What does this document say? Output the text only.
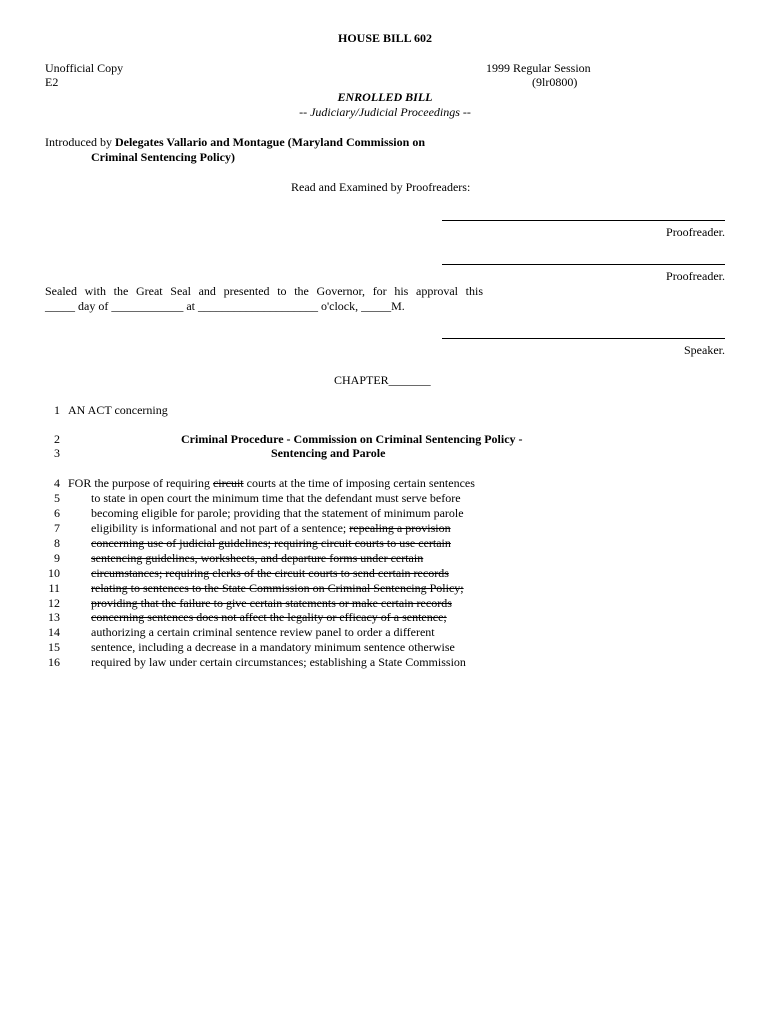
HOUSE BILL 602
Unofficial Copy
E2
1999 Regular Session
(9lr0800)
ENROLLED BILL
-- Judiciary/Judicial Proceedings --
Introduced by Delegates Vallario and Montague (Maryland Commission on
Criminal Sentencing Policy)
Read and Examined by Proofreaders:
Proofreader.
Proofreader.
Sealed with the Great Seal and presented to the Governor, for his approval this
_____ day of ____________ at ____________________ o'clock, _____M.
Speaker.
CHAPTER_______
1 AN ACT concerning
2	Criminal Procedure - Commission on Criminal Sentencing Policy -
3	Sentencing and Parole
4 FOR the purpose of requiring circuit courts at the time of imposing certain sentences
5	to state in open court the minimum time that the defendant must serve before
6	becoming eligible for parole; providing that the statement of minimum parole
7	eligibility is informational and not part of a sentence; repealing a provision
8	concerning use of judicial guidelines; requiring circuit courts to use certain
9	sentencing guidelines, worksheets, and departure forms under certain
10	circumstances; requiring clerks of the circuit courts to send certain records
11	relating to sentences to the State Commission on Criminal Sentencing Policy;
12	providing that the failure to give certain statements or make certain records
13	concerning sentences does not affect the legality or efficacy of a sentence;
14	authorizing a certain criminal sentence review panel to order a different
15	sentence, including a decrease in a mandatory minimum sentence otherwise
16	required by law under certain circumstances; establishing a State Commission
